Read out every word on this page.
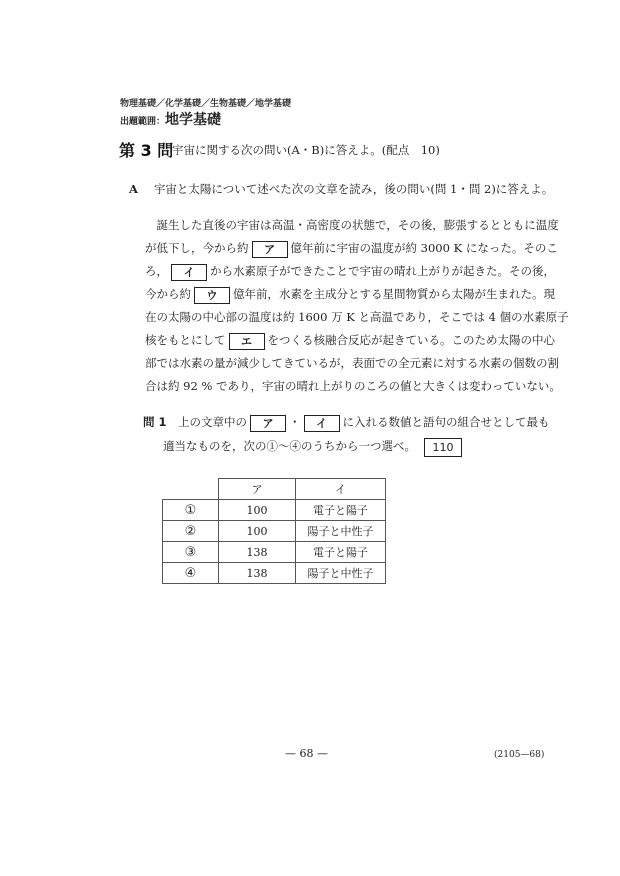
物理基礎／化学基礎／生物基礎／地学基礎
出題範囲：地学基礎
第 3 問
宇宙に関する次の問い(A・B)に答えよ。(配点　10)
A 宇宙と太陽について述べた次の文章を読み，後の問い(問 1・問 2)に答えよ。
　誕生した直後の宇宙は高温・高密度の状態で，その後，膨張するとともに温度
が低下し，今から約 ア 億年前に宇宙の温度が約 3000 K になった。そのこ
ろ， イ から水素原子ができたことで宇宙の晴れ上がりが起きた。その後，
今から約 ウ 億年前，水素を主成分とする星間物質から太陽が生まれた。現
在の太陽の中心部の温度は約 1600 万 K と高温であり，そこでは 4 個の水素原子
核をもとにして エ をつくる核融合反応が起きている。このため太陽の中心
部では水素の量が減少してきているが，表面での全元素に対する水素の個数の割
合は約 92 % であり，宇宙の晴れ上がりのころの値と大きくは変わっていない。
問 1　 上の文章中の ア ・ イ に入れる数値と語句の組合せとして最も
適当なものを，次の①～④のうちから一つ選べ。 110
	ア	イ
①	100	電子と陽子
②	100	陽子と中性子
③	138	電子と陽子
④	138	陽子と中性子
— 68 —	(2105—68)
